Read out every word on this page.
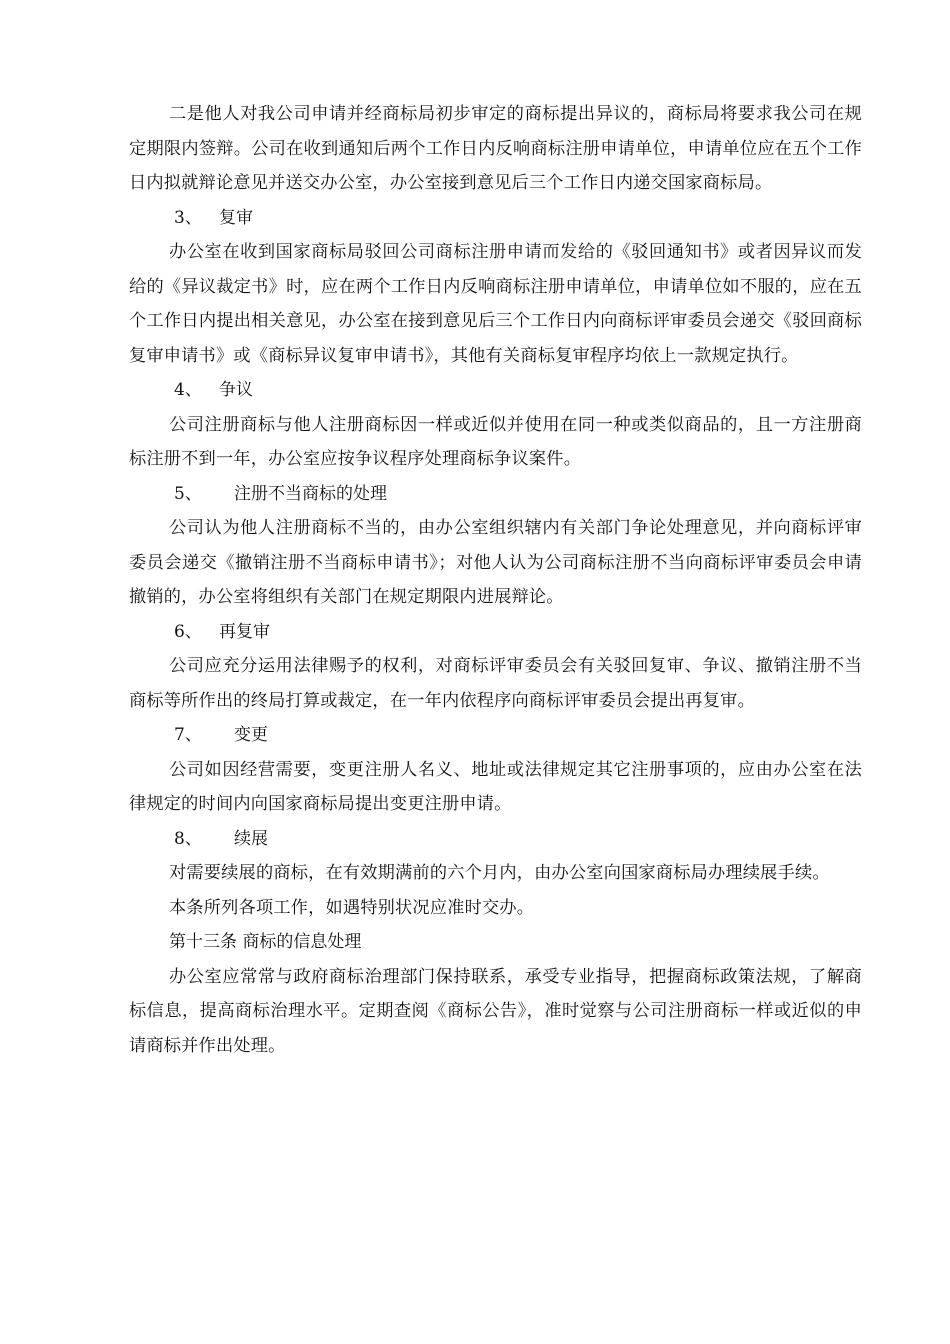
二是他人对我公司申请并经商标局初步审定的商标提出异议的，商标局将要求我公司在规定期限内签辩。公司在收到通知后两个工作日内反响商标注册申请单位，申请单位应在五个工作日内拟就辩论意见并送交办公室，办公室接到意见后三个工作日内递交国家商标局。

3、 复审

办公室在收到国家商标局驳回公司商标注册申请而发给的《驳回通知书》或者因异议而发给的《异议裁定书》时，应在两个工作日内反响商标注册申请单位，申请单位如不服的，应在五个工作日内提出相关意见，办公室在接到意见后三个工作日内向商标评审委员会递交《驳回商标复审申请书》或《商标异议复审申请书》，其他有关商标复审程序均依上一款规定执行。

4、 争议

公司注册商标与他人注册商标因一样或近似并使用在同一种或类似商品的，且一方注册商标注册不到一年，办公室应按争议程序处理商标争议案件。

5、 注册不当商标的处理

公司认为他人注册商标不当的，由办公室组织辖内有关部门争论处理意见，并向商标评审委员会递交《撤销注册不当商标申请书》；对他人认为公司商标注册不当向商标评审委员会申请撤销的，办公室将组织有关部门在规定期限内进展辩论。

6、 再复审

公司应充分运用法律赐予的权利，对商标评审委员会有关驳回复审、争议、撤销注册不当商标等所作出的终局打算或裁定，在一年内依程序向商标评审委员会提出再复审。

7、 变更

公司如因经营需要，变更注册人名义、地址或法律规定其它注册事项的，应由办公室在法律规定的时间内向国家商标局提出变更注册申请。

8、 续展

对需要续展的商标，在有效期满前的六个月内，由办公室向国家商标局办理续展手续。

本条所列各项工作，如遇特别状况应准时交办。

第十三条 商标的信息处理

办公室应常常与政府商标治理部门保持联系，承受专业指导，把握商标政策法规，了解商标信息，提高商标治理水平。定期查阅《商标公告》，准时觉察与公司注册商标一样或近似的申请商标并作出处理。
